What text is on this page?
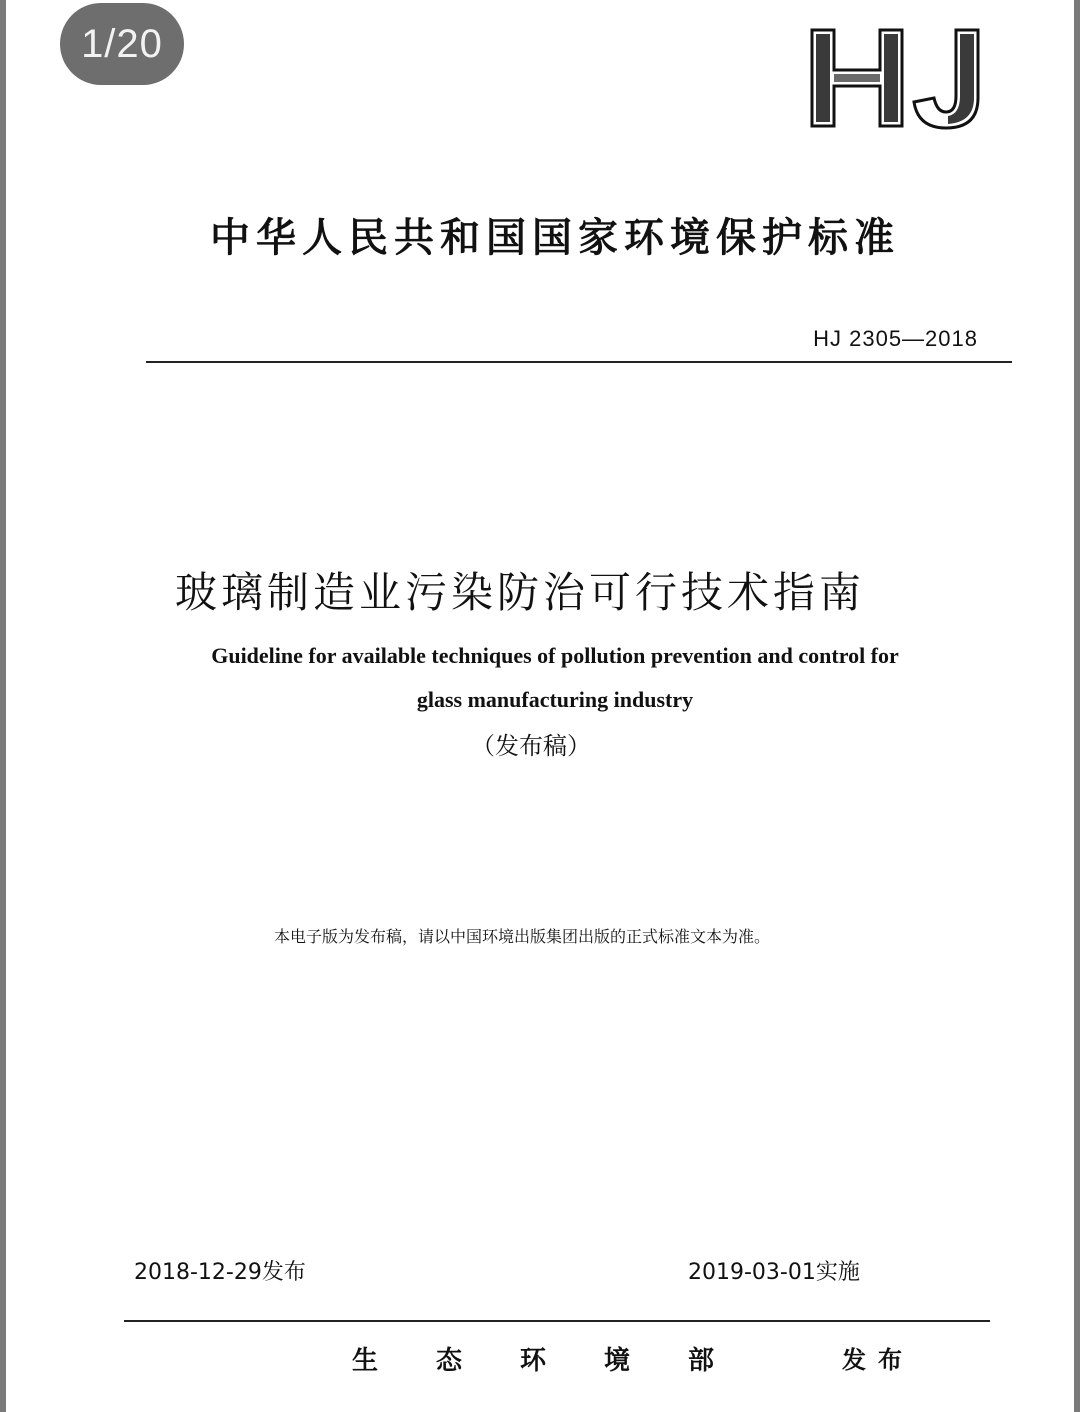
1/20
中华人民共和国国家环境保护标准
HJ 2305—2018
玻璃制造业污染防治可行技术指南
Guideline for available techniques of pollution prevention and control for
glass manufacturing industry
（发布稿）
本电子版为发布稿，请以中国环境出版集团出版的正式标准文本为准。
2018-12-29发布	2019-03-01实施
生态环境部	发布
